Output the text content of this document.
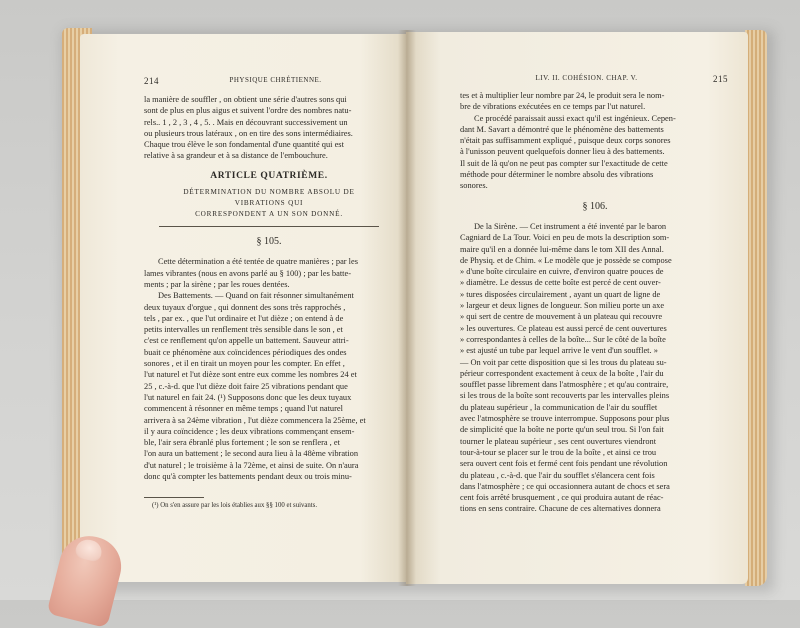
214	PHYSIQUE CHRÉTIENNE.

la manière de souffler , on obtient une série d'autres sons qui

sont de plus en plus aigus et suivent l'ordre des nombres natu-

rels.. 1 , 2 , 3 , 4 , 5. . Mais en découvrant successivement un

ou plusieurs trous latéraux , on en tire des sons intermédiaires.

Chaque trou élève le son fondamental d'une quantité qui est

relative à sa grandeur et à sa distance de l'embouchure.

ARTICLE QUATRIÈME.
DÉTERMINATION DU NOMBRE ABSOLU DE VIBRATIONS QUI
CORRESPONDENT A UN SON DONNÉ.
§ 105.

Cette détermination a été tentée de quatre manières ; par les

lames vibrantes (nous en avons parlé au § 100) ; par les batte-

ments ; par la sirène ; par les roues dentées.

Des Battements. — Quand on fait résonner simultanément

deux tuyaux d'orgue , qui donnent des sons très rapprochés ,

tels , par ex. , que l'ut ordinaire et l'ut dièze ; on entend à de

petits intervalles un renflement très sensible dans le son , et

c'est ce renflement qu'on appelle un battement. Sauveur attri-

buait ce phénomène aux coïncidences périodiques des ondes

sonores , et il en tirait un moyen pour les compter. En effet ,

l'ut naturel et l'ut dièze sont entre eux comme les nombres 24 et

25 , c.-à-d. que l'ut dièze doit faire 25 vibrations pendant que

l'ut naturel en fait 24. (¹) Supposons donc que les deux tuyaux

commencent à résonner en même temps ; quand l'ut naturel

arrivera à sa 24ème vibration , l'ut dièze commencera la 25ème, et

il y aura coïncidence ; les deux vibrations commençant ensem-

ble, l'air sera ébranlé plus fortement ; le son se renflera , et

l'on aura un battement ; le second aura lieu à la 48ème vibration

d'ut naturel ; le troisième à la 72ème, et ainsi de suite. On n'aura

donc qu'à compter les battements pendant deux ou trois minu-

(¹) On s'en assure par les lois établies aux §§ 100 et suivants.
LIV. II. COHÉSION. CHAP. V.	215

tes et à multiplier leur nombre par 24, le produit sera le nom-

bre de vibrations exécutées en ce temps par l'ut naturel.

Ce procédé paraissait aussi exact qu'il est ingénieux. Cepen-

dant M. Savart a démontré que le phénomène des battements

n'était pas suffisamment expliqué , puisque deux corps sonores

à l'unisson peuvent quelquefois donner lieu à des battements.

Il suit de là qu'on ne peut pas compter sur l'exactitude de cette

méthode pour déterminer le nombre absolu des vibrations

sonores.

§ 106.

De la Sirène. — Cet instrument a été inventé par le baron

Cagniard de La Tour. Voici en peu de mots la description som-

maire qu'il en a donnée lui-même dans le tom XII des Annal.

de Physiq. et de Chim. « Le modèle que je possède se compose

» d'une boîte circulaire en cuivre, d'environ quatre pouces de

» diamètre. Le dessus de cette boîte est percé de cent ouver-

» tures disposées circulairement , ayant un quart de ligne de

» largeur et deux lignes de longueur. Son milieu porte un axe

» qui sert de centre de mouvement à un plateau qui recouvre

» les ouvertures. Ce plateau est aussi percé de cent ouvertures

» correspondantes à celles de la boîte... Sur le côté de la boîte

» est ajusté un tube par lequel arrive le vent d'un soufflet. »

— On voit par cette disposition que si les trous du plateau su-

périeur correspondent exactement à ceux de la boîte , l'air du

soufflet passe librement dans l'atmosphère ; et qu'au contraire,

si les trous de la boîte sont recouverts par les intervalles pleins

du plateau supérieur , la communication de l'air du soufflet

avec l'atmosphère se trouve interrompue. Supposons pour plus

de simplicité que la boîte ne porte qu'un seul trou. Si l'on fait

tourner le plateau supérieur , ses cent ouvertures viendront

tour-à-tour se placer sur le trou de la boîte , et ainsi ce trou

sera ouvert cent fois et fermé cent fois pendant une révolution

du plateau , c.-à-d. que l'air du soufflet s'élancera cent fois

dans l'atmosphère ; ce qui occasionnera autant de chocs et sera

cent fois arrêté brusquement , ce qui produira autant de réac-

tions en sens contraire. Chacune de ces alternatives donnera
